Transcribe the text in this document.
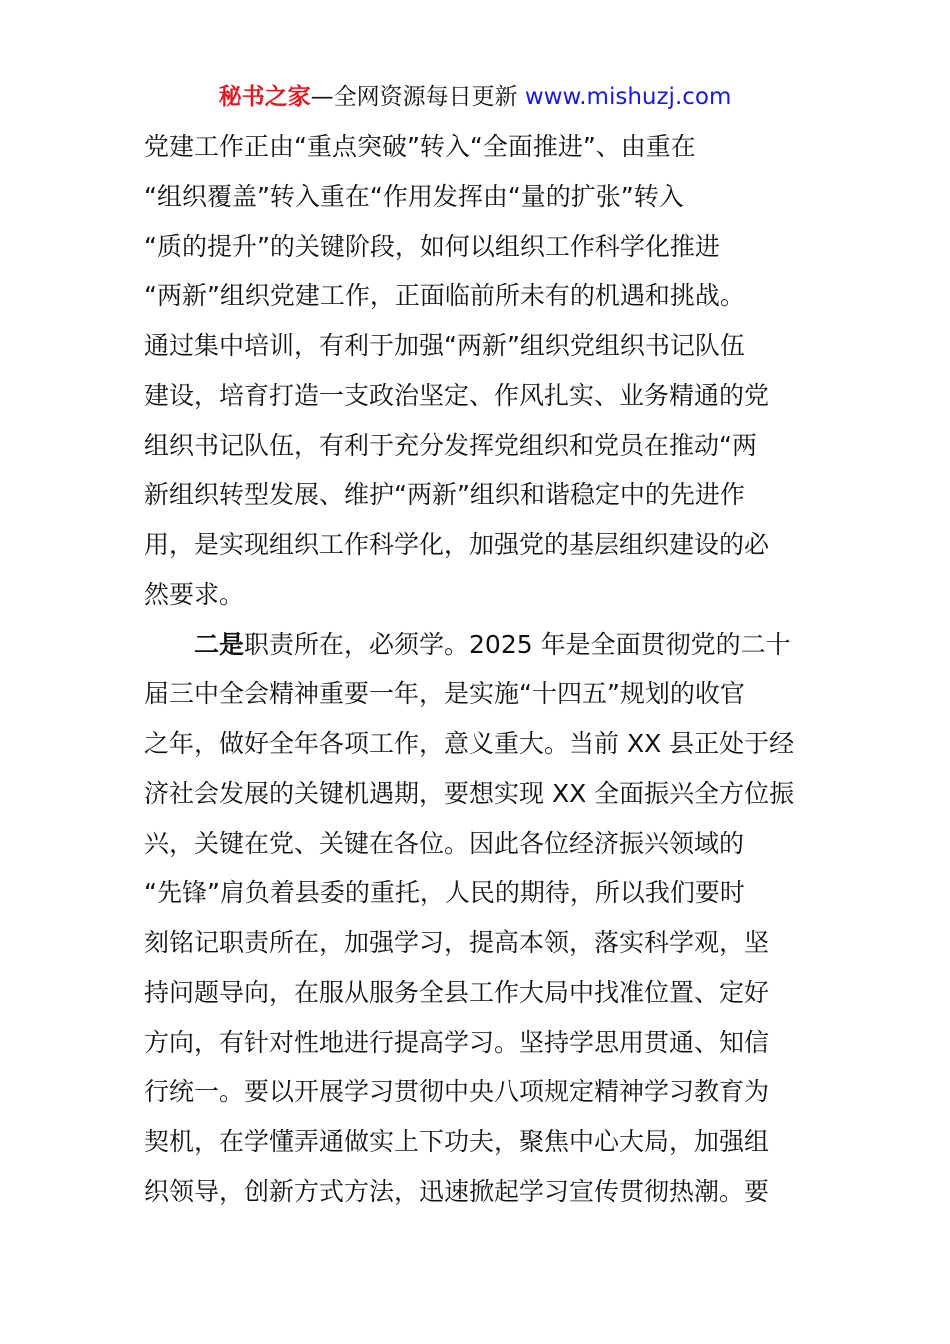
秘书之家—全网资源每日更新 www.mishuzj.com
党建工作正由“重点突破”转入“全面推进”、由重在
“组织覆盖”转入重在“作用发挥由“量的扩张”转入
“质的提升”的关键阶段，如何以组织工作科学化推进
“两新”组织党建工作，正面临前所未有的机遇和挑战。
通过集中培训，有利于加强“两新”组织党组织书记队伍
建设，培育打造一支政治坚定、作风扎实、业务精通的党
组织书记队伍，有利于充分发挥党组织和党员在推动“两
新组织转型发展、维护“两新”组织和谐稳定中的先进作
用，是实现组织工作科学化，加强党的基层组织建设的必
然要求。
二是职责所在，必须学。2025 年是全面贯彻党的二十
届三中全会精神重要一年，是实施“十四五”规划的收官
之年，做好全年各项工作，意义重大。当前 XX 县正处于经
济社会发展的关键机遇期，要想实现 XX 全面振兴全方位振
兴，关键在党、关键在各位。因此各位经济振兴领域的
“先锋”肩负着县委的重托，人民的期待，所以我们要时
刻铭记职责所在，加强学习，提高本领，落实科学观，坚
持问题导向，在服从服务全县工作大局中找准位置、定好
方向，有针对性地进行提高学习。坚持学思用贯通、知信
行统一。要以开展学习贯彻中央八项规定精神学习教育为
契机，在学懂弄通做实上下功夫，聚焦中心大局，加强组
织领导，创新方式方法，迅速掀起学习宣传贯彻热潮。要
